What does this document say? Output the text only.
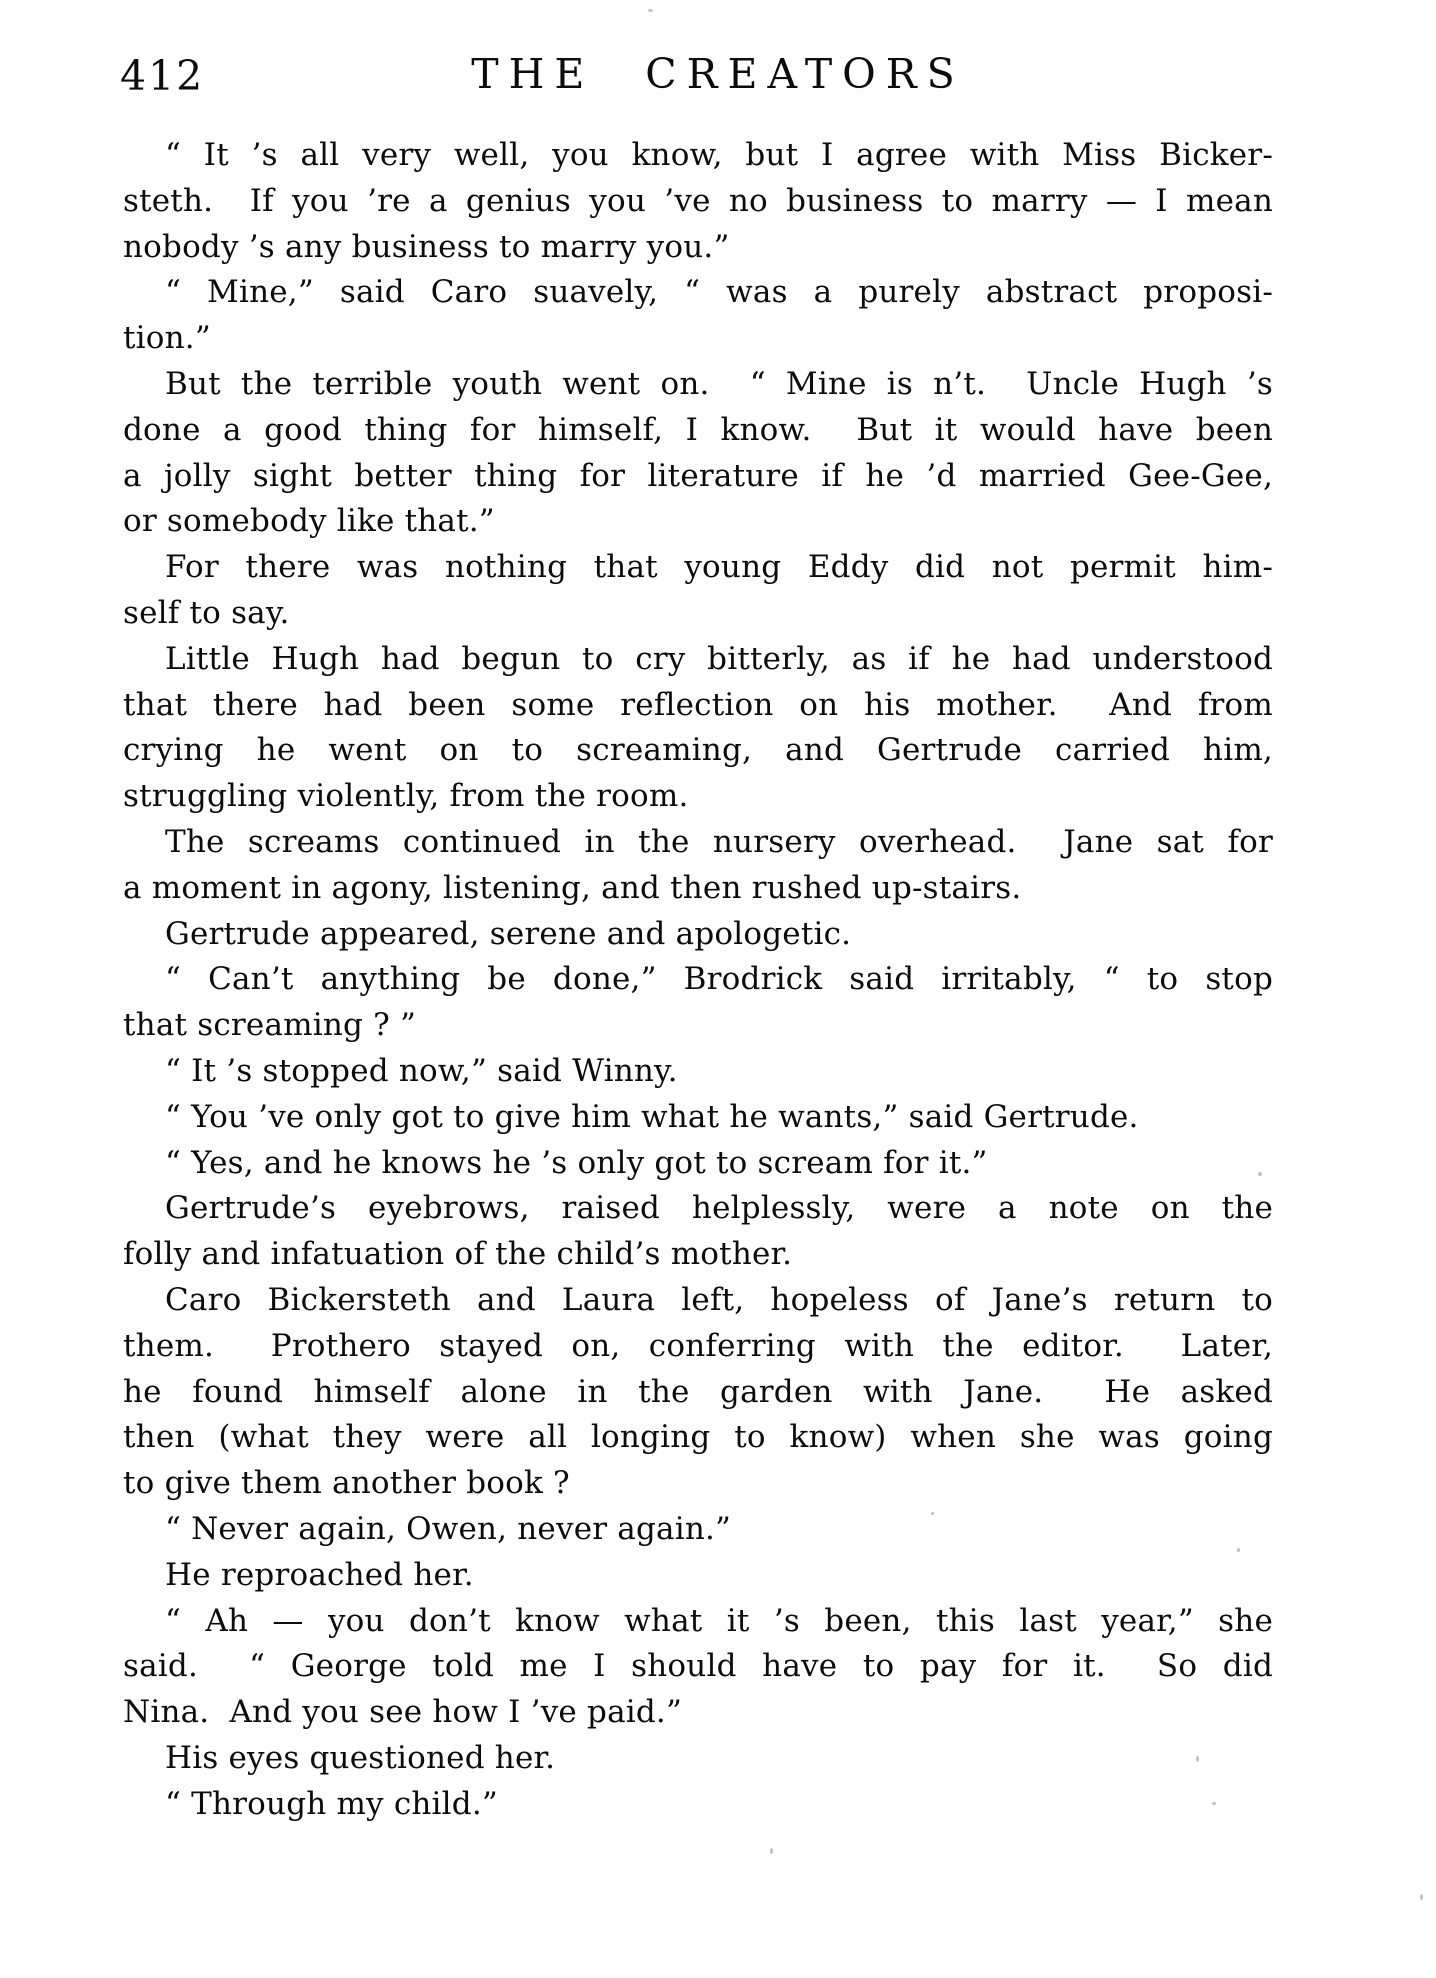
412	THE CREATORS
“ It ’s all very well, you know, but I agree with Miss Bicker-
steth.  If you ’re a genius you ’ve no business to marry — I mean
nobody ’s any business to marry you.”
“ Mine,” said Caro suavely, “ was a purely abstract proposi-
tion.”
But the terrible youth went on.  “ Mine is n’t.  Uncle Hugh ’s
done a good thing for himself, I know.  But it would have been
a jolly sight better thing for literature if he ’d married Gee-Gee,
or somebody like that.”
For there was nothing that young Eddy did not permit him-
self to say.
Little Hugh had begun to cry bitterly, as if he had understood
that there had been some reflection on his mother.  And from
crying he went on to screaming, and Gertrude carried him,
struggling violently, from the room.
The screams continued in the nursery overhead.  Jane sat for
a moment in agony, listening, and then rushed up-stairs.
Gertrude appeared, serene and apologetic.
“ Can’t anything be done,” Brodrick said irritably, “ to stop
that screaming ? ”
“ It ’s stopped now,” said Winny.
“ You ’ve only got to give him what he wants,” said Gertrude.
“ Yes, and he knows he ’s only got to scream for it.”
Gertrude’s eyebrows, raised helplessly, were a note on the
folly and infatuation of the child’s mother.
Caro Bickersteth and Laura left, hopeless of Jane’s return to
them.  Prothero stayed on, conferring with the editor.  Later,
he found himself alone in the garden with Jane.  He asked
then (what they were all longing to know) when she was going
to give them another book ?
“ Never again, Owen, never again.”
He reproached her.
“ Ah — you don’t know what it ’s been, this last year,” she
said.  “ George told me I should have to pay for it.  So did
Nina.  And you see how I ’ve paid.”
His eyes questioned her.
“ Through my child.”
